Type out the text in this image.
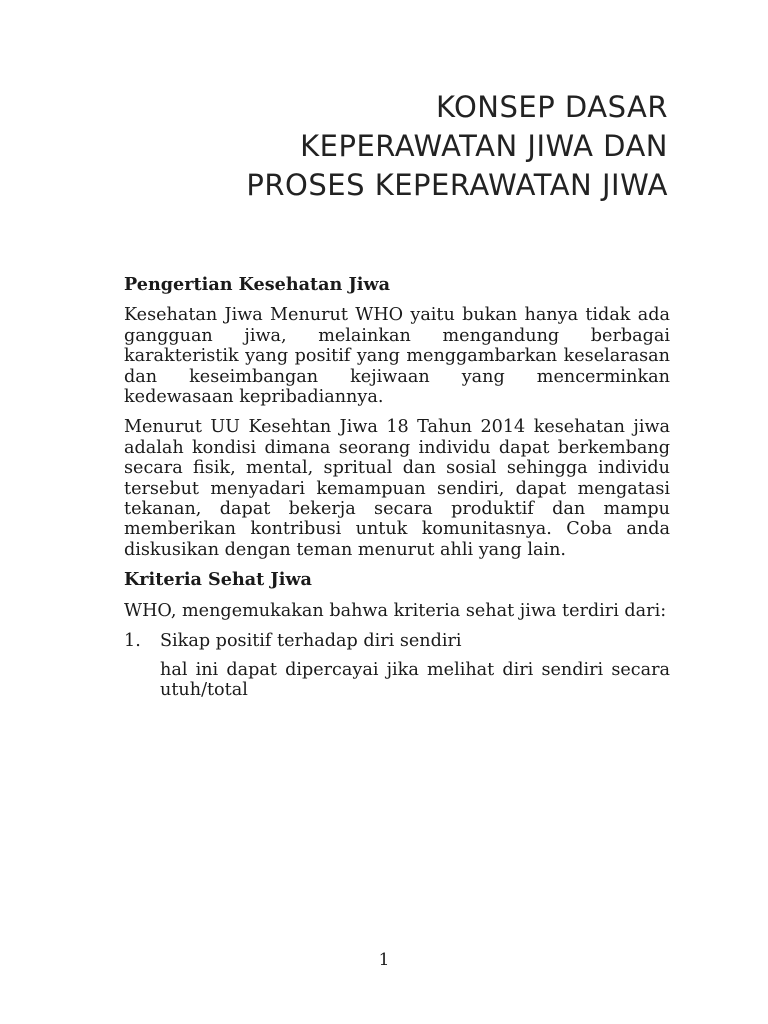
KONSEP DASAR
KEPERAWATAN JIWA DAN
PROSES KEPERAWATAN JIWA
Pengertian Kesehatan Jiwa

Kesehatan Jiwa Menurut WHO yaitu bukan hanya tidak ada gangguan jiwa, melainkan mengandung berbagai karakteristik yang positif yang menggambarkan keselarasan dan keseimbangan kejiwaan yang mencerminkan kedewasaan kepribadiannya.

Menurut UU Kesehtan Jiwa 18 Tahun 2014 kesehatan jiwa adalah kondisi dimana seorang individu dapat berkembang secara fisik, mental, spritual dan sosial sehingga individu tersebut menyadari kemampuan sendiri, dapat mengatasi tekanan, dapat bekerja secara produktif dan mampu memberikan kontribusi untuk komunitasnya. Coba anda diskusikan dengan teman menurut ahli yang lain.

Kriteria Sehat Jiwa

WHO, mengemukakan bahwa kriteria sehat jiwa terdiri dari:

1.	Sikap positif terhadap diri sendiri

hal ini dapat dipercayai jika melihat diri sendiri secara utuh/total

1
